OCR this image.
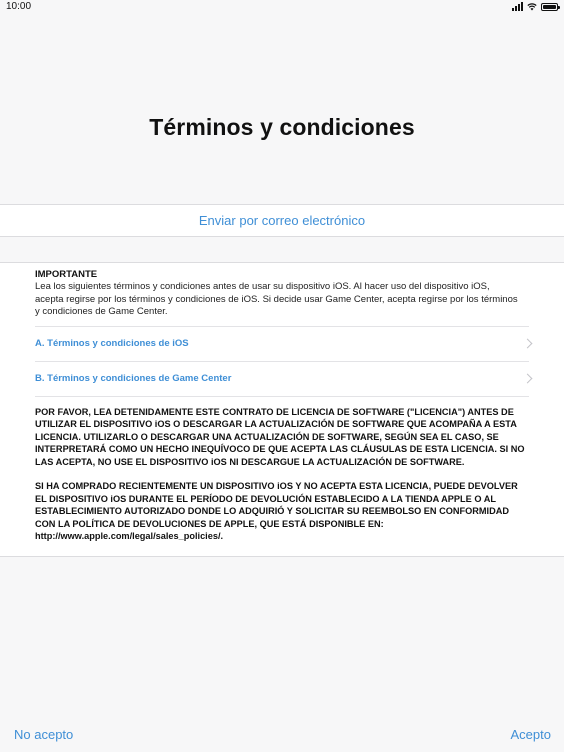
10:00
Términos y condiciones
Enviar por correo electrónico
IMPORTANTE

Lea los siguientes términos y condiciones antes de usar su dispositivo iOS. Al hacer uso del dispositivo iOS, acepta regirse por los términos y condiciones de iOS. Si decide usar Game Center, acepta regirse por los términos y condiciones de Game Center.

A. Términos y condiciones de iOS
B. Términos y condiciones de Game Center

POR FAVOR, LEA DETENIDAMENTE ESTE CONTRATO DE LICENCIA DE SOFTWARE ("LICENCIA") ANTES DE UTILIZAR EL DISPOSITIVO iOS O DESCARGAR LA ACTUALIZACIÓN DE SOFTWARE QUE ACOMPAÑA A ESTA LICENCIA. UTILIZARLO O DESCARGAR UNA ACTUALIZACIÓN DE SOFTWARE, SEGÚN SEA EL CASO, SE INTERPRETARÁ COMO UN HECHO INEQUÍVOCO DE QUE ACEPTA LAS CLÁUSULAS DE ESTA LICENCIA. SI NO LAS ACEPTA, NO USE EL DISPOSITIVO iOS NI DESCARGUE LA ACTUALIZACIÓN DE SOFTWARE.

SI HA COMPRADO RECIENTEMENTE UN DISPOSITIVO iOS Y NO ACEPTA ESTA LICENCIA, PUEDE DEVOLVER EL DISPOSITIVO iOS DURANTE EL PERÍODO DE DEVOLUCIÓN ESTABLECIDO A LA TIENDA APPLE O AL ESTABLECIMIENTO AUTORIZADO DONDE LO ADQUIRIÓ Y SOLICITAR SU REEMBOLSO EN CONFORMIDAD CON LA POLÍTICA DE DEVOLUCIONES DE APPLE, QUE ESTÁ DISPONIBLE EN: http://www.apple.com/legal/sales_policies/.

No acepto	Acepto
